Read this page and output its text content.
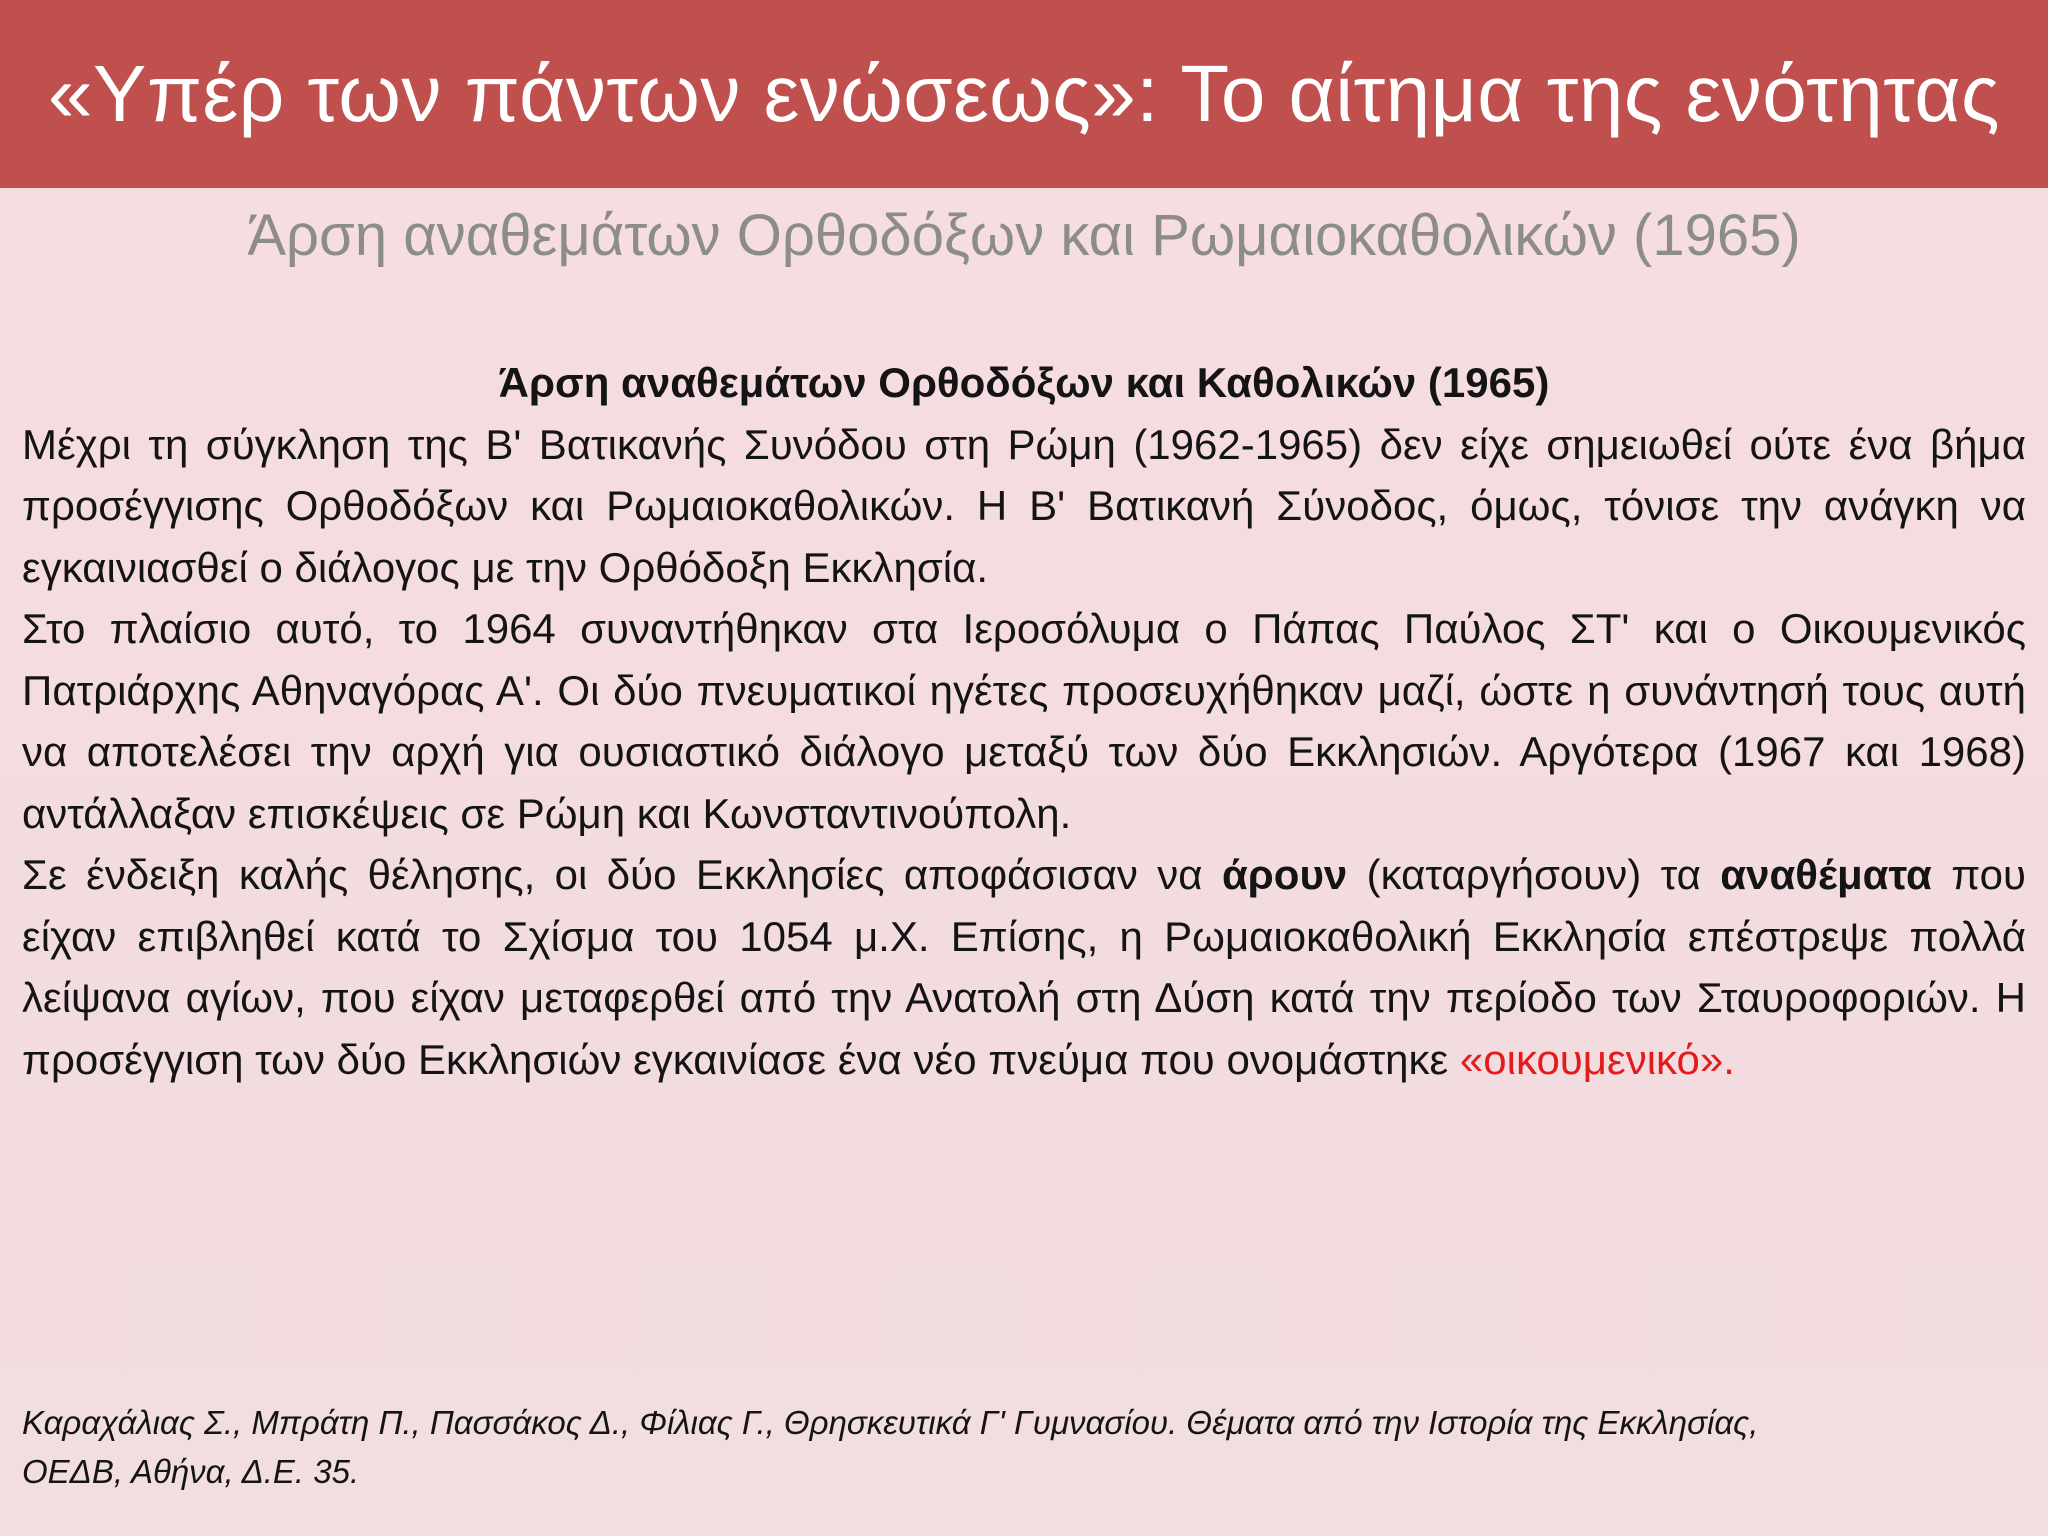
«Υπέρ των πάντων ενώσεως»: Το αίτημα της ενότητας
Άρση αναθεμάτων Ορθοδόξων και Ρωμαιοκαθολικών (1965)
Άρση αναθεμάτων Ορθοδόξων και Καθολικών (1965)

Μέχρι τη σύγκληση της Β' Βατικανής Συνόδου στη Ρώμη (1962-1965) δεν είχε σημειωθεί ούτε ένα βήμα προσέγγισης Ορθοδόξων και Ρωμαιοκαθολικών. Η Β' Βατικανή Σύνοδος, όμως, τόνισε την ανάγκη να εγκαινιασθεί ο διάλογος με την Ορθόδοξη Εκκλησία.

Στο πλαίσιο αυτό, το 1964 συναντήθηκαν στα Ιεροσόλυμα ο Πάπας Παύλος ΣΤ' και ο Οικουμενικός Πατριάρχης Αθηναγόρας Α'. Οι δύο πνευματικοί ηγέτες προσευχήθηκαν μαζί, ώστε η συνάντησή τους αυτή να αποτελέσει την αρχή για ουσιαστικό διάλογο μεταξύ των δύο Εκκλησιών. Αργότερα (1967 και 1968) αντάλλαξαν επισκέψεις σε Ρώμη και Κωνσταντινούπολη.

Σε ένδειξη καλής θέλησης, οι δύο Εκκλησίες αποφάσισαν να άρουν (καταργήσουν) τα αναθέματα που είχαν επιβληθεί κατά το Σχίσμα του 1054 μ.Χ. Επίσης, η Ρωμαιοκαθολική Εκκλησία επέστρεψε πολλά λείψανα αγίων, που είχαν μεταφερθεί από την Ανατολή στη Δύση κατά την περίοδο των Σταυροφοριών. Η προσέγγιση των δύο Εκκλησιών εγκαινίασε ένα νέο πνεύμα που ονομάστηκε «οικουμενικό».

Καραχάλιας Σ., Μπράτη Π., Πασσάκος Δ., Φίλιας Γ., Θρησκευτικά Γ' Γυμνασίου. Θέματα από την Ιστορία της Εκκλησίας,
ΟΕΔΒ, Αθήνα, Δ.Ε. 35.
